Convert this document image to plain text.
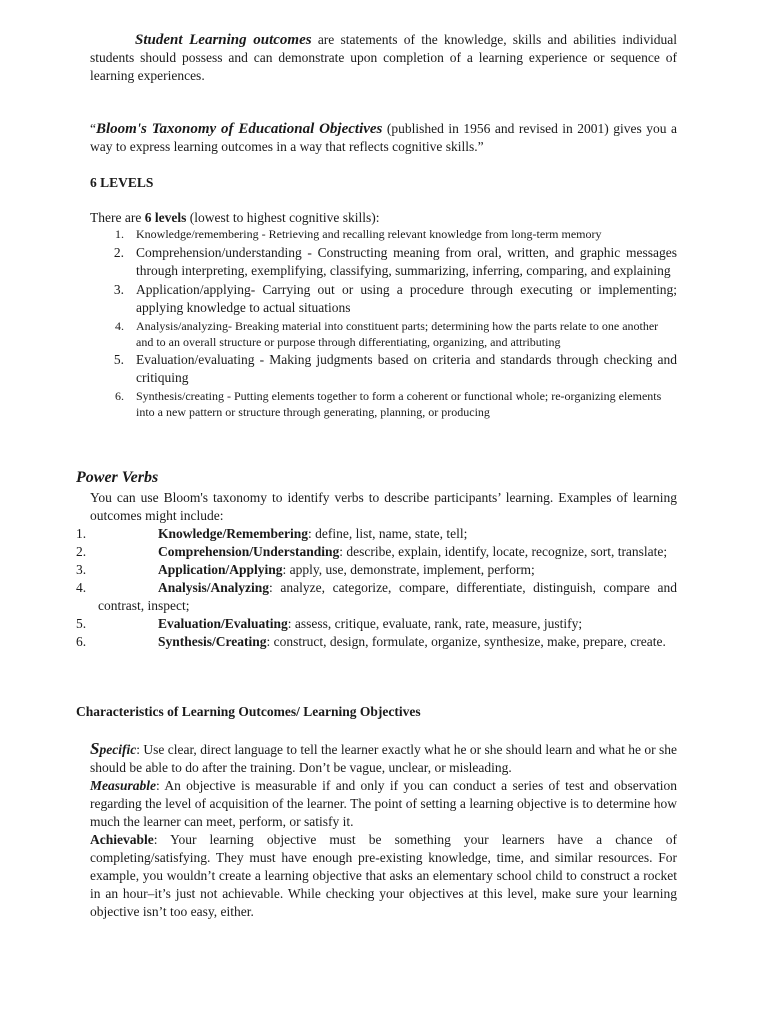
Student Learning outcomes are statements of the knowledge, skills and abilities individual students should possess and can demonstrate upon completion of a learning experience or sequence of learning experiences.
“Bloom's Taxonomy of Educational Objectives (published in 1956 and revised in 2001) gives you a way to express learning outcomes in a way that reflects cognitive skills.”
6 LEVELS
There are 6 levels (lowest to highest cognitive skills):
1. Knowledge/remembering - Retrieving and recalling relevant knowledge from long-term memory
2. Comprehension/understanding - Constructing meaning from oral, written, and graphic messages through interpreting, exemplifying, classifying, summarizing, inferring, comparing, and explaining
3. Application/applying- Carrying out or using a procedure through executing or implementing; applying knowledge to actual situations
4. Analysis/analyzing- Breaking material into constituent parts; determining how the parts relate to one another and to an overall structure or purpose through differentiating, organizing, and attributing
5. Evaluation/evaluating - Making judgments based on criteria and standards through checking and critiquing
6. Synthesis/creating - Putting elements together to form a coherent or functional whole; re-organizing elements into a new pattern or structure through generating, planning, or producing
Power Verbs
You can use Bloom's taxonomy to identify verbs to describe participants’ learning. Examples of learning outcomes might include:
1.	Knowledge/Remembering: define, list, name, state, tell;
2.	Comprehension/Understanding: describe, explain, identify, locate, recognize, sort, translate;
3.	Application/Applying: apply, use, demonstrate, implement, perform;
4.	Analysis/Analyzing: analyze, categorize, compare, differentiate, distinguish, compare and contrast, inspect;
5.	Evaluation/Evaluating: assess, critique, evaluate, rank, rate, measure, justify;
6.	Synthesis/Creating: construct, design, formulate, organize, synthesize, make, prepare, create.
Characteristics of Learning Outcomes/ Learning Objectives
Specific: Use clear, direct language to tell the learner exactly what he or she should learn and what he or she should be able to do after the training. Don’t be vague, unclear, or misleading.
Measurable: An objective is measurable if and only if you can conduct a series of test and observation regarding the level of acquisition of the learner. The point of setting a learning objective is to determine how much the learner can meet, perform, or satisfy it.
Achievable: Your learning objective must be something your learners have a chance of completing/satisfying. They must have enough pre-existing knowledge, time, and similar resources. For example, you wouldn’t create a learning objective that asks an elementary school child to construct a rocket in an hour–it’s just not achievable. While checking your objectives at this level, make sure your learning objective isn’t too easy, either.
